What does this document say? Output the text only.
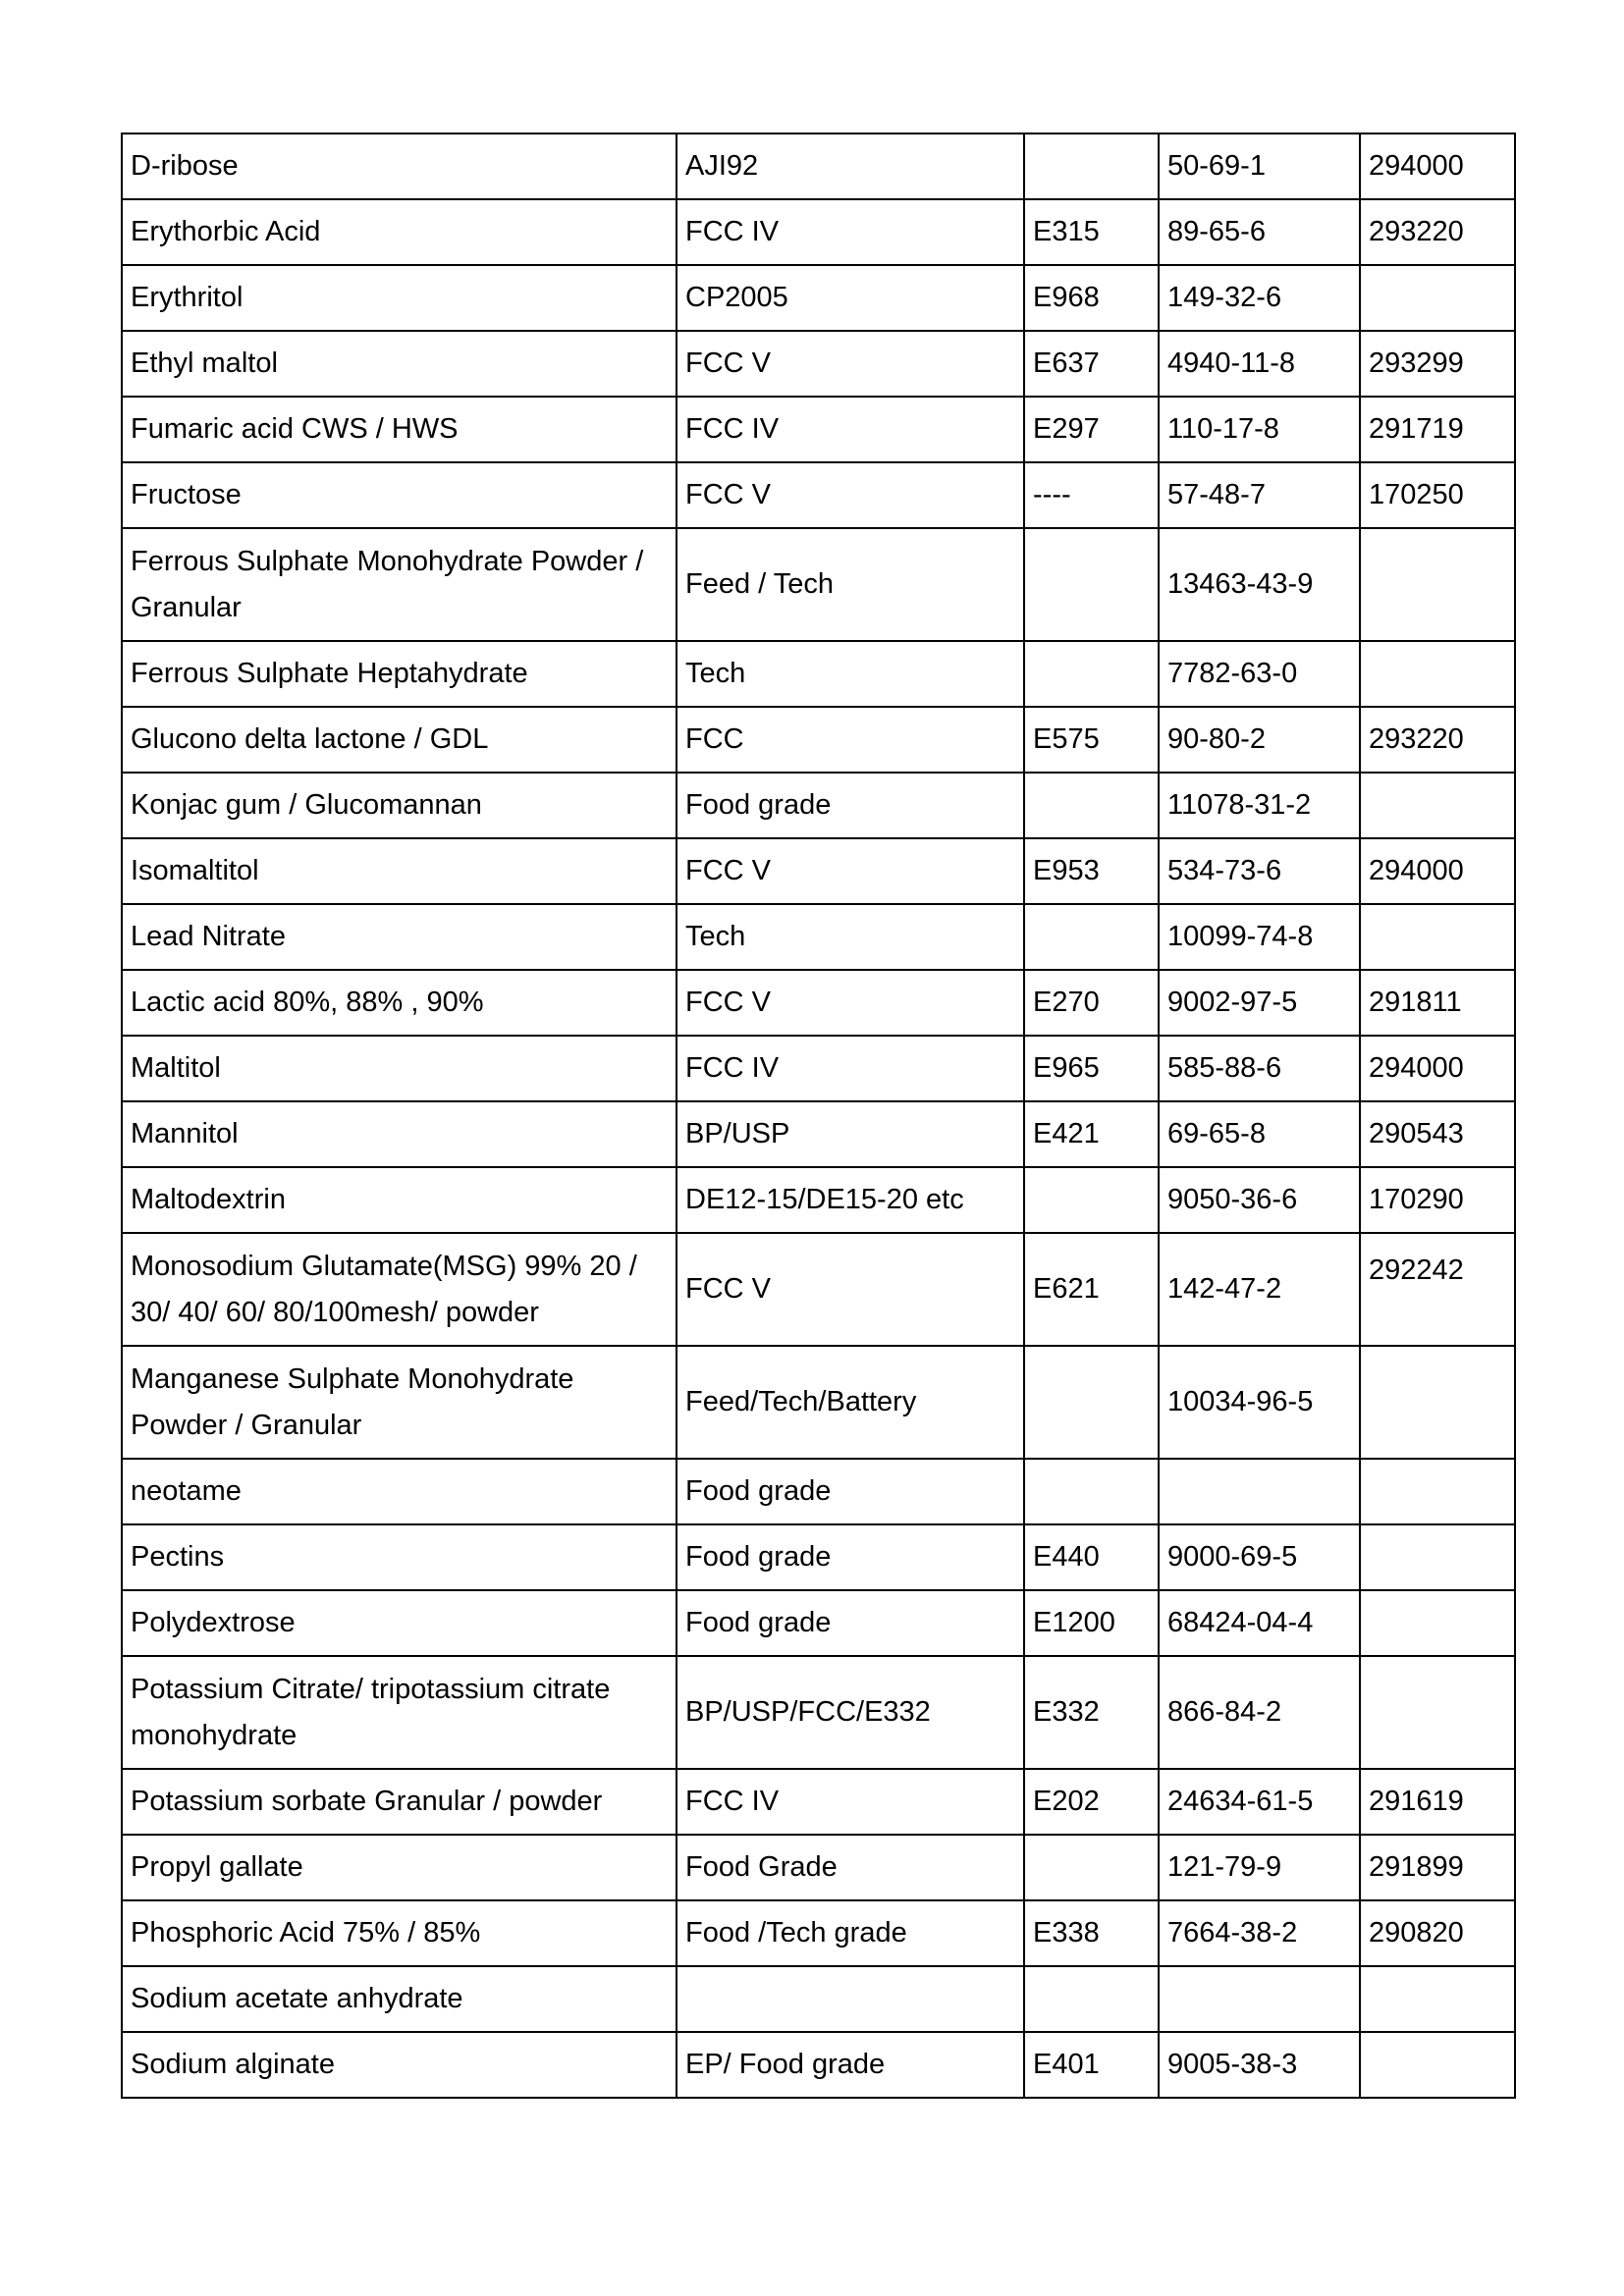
D-ribose	AJI92		50-69-1	294000
Erythorbic Acid	FCC IV	E315	89-65-6	293220
Erythritol	CP2005	E968	149-32-6	
Ethyl maltol	FCC V	E637	4940-11-8	293299
Fumaric acid CWS / HWS	FCC IV	E297	110-17-8	291719
Fructose	FCC V	----	57-48-7	170250
Ferrous Sulphate Monohydrate Powder / Granular	Feed / Tech		13463-43-9	
Ferrous Sulphate Heptahydrate	Tech		7782-63-0	
Glucono delta lactone / GDL	FCC	E575	90-80-2	293220
Konjac gum / Glucomannan	Food grade		11078-31-2	
Isomaltitol	FCC V	E953	534-73-6	294000
Lead Nitrate	Tech		10099-74-8	
Lactic acid 80%, 88% , 90%	FCC V	E270	9002-97-5	291811
Maltitol	FCC IV	E965	585-88-6	294000
Mannitol	BP/USP	E421	69-65-8	290543
Maltodextrin	DE12-15/DE15-20 etc		9050-36-6	170290
Monosodium Glutamate(MSG) 99% 20 / 30/ 40/ 60/ 80/100mesh/ powder	FCC V	E621	142-47-2	292242
Manganese Sulphate Monohydrate Powder / Granular	Feed/Tech/Battery		10034-96-5	
neotame	Food grade			
Pectins	Food grade	E440	9000-69-5	
Polydextrose	Food grade	E1200	68424-04-4	
Potassium Citrate/ tripotassium citrate monohydrate	BP/USP/FCC/E332	E332	866-84-2	
Potassium sorbate Granular / powder	FCC IV	E202	24634-61-5	291619
Propyl gallate	Food Grade		121-79-9	291899
Phosphoric Acid 75% / 85%	Food /Tech grade	E338	7664-38-2	290820
Sodium acetate anhydrate				
Sodium alginate	EP/ Food grade	E401	9005-38-3	
